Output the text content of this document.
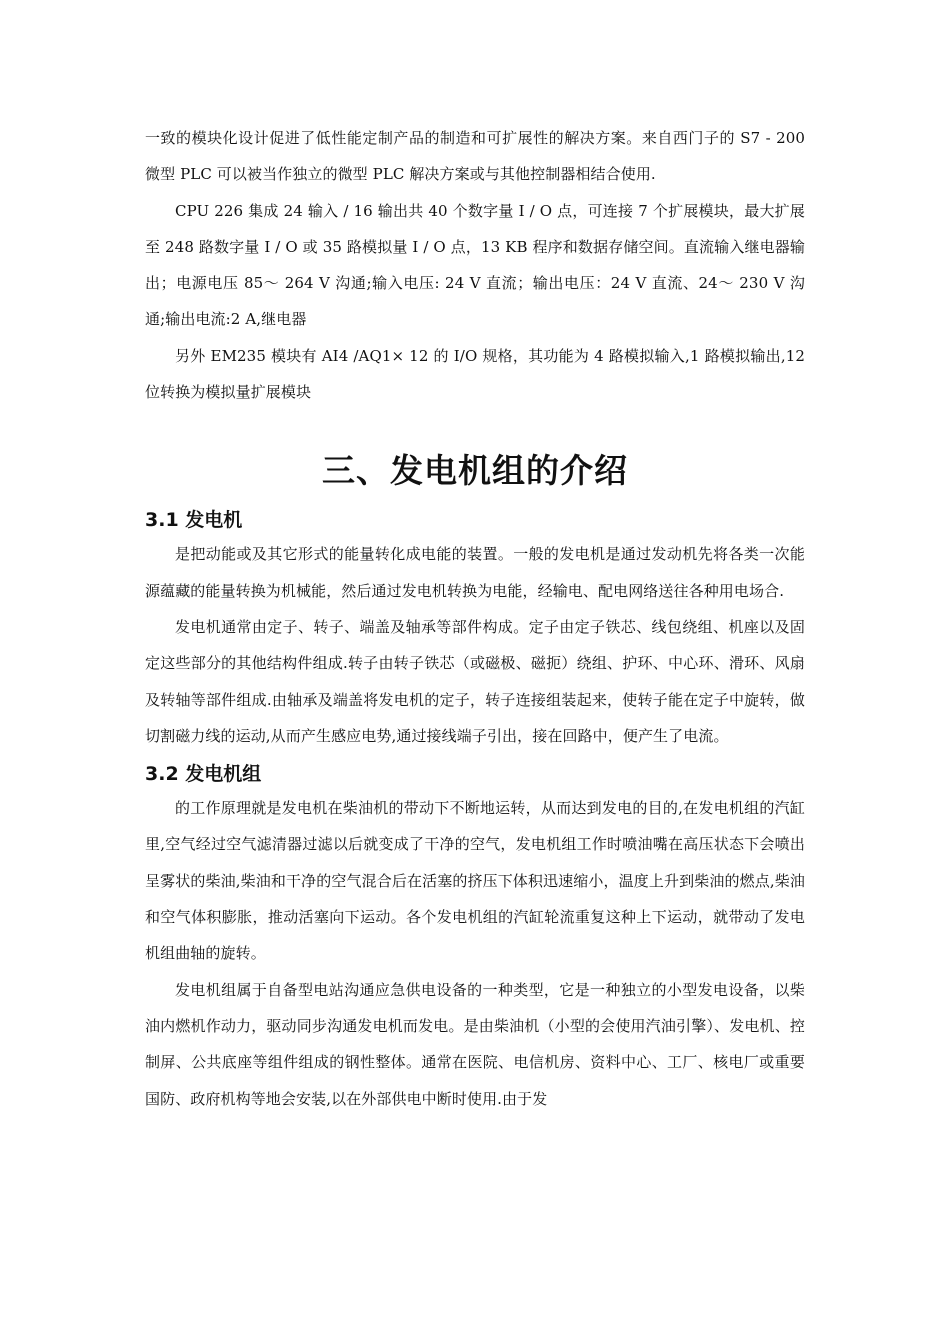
一致的模块化设计促进了低性能定制产品的制造和可扩展性的解决方案。来自西门子的 S7 - 200 微型 PLC 可以被当作独立的微型 PLC 解决方案或与其他控制器相结合使用.

CPU 226 集成 24 输入 / 16 输出共 40 个数字量 I / O 点，可连接 7 个扩展模块，最大扩展至 248 路数字量 I / O 或 35 路模拟量 I / O 点，13 KB 程序和数据存储空间。直流输入继电器输出；电源电压 85～ 264 V 沟通;输入电压: 24 V 直流；输出电压：24 V 直流、24～ 230 V 沟通;输出电流:2 A,继电器

另外 EM235 模块有 AI4 /AQ1× 12 的 I/O 规格，其功能为 4 路模拟输入,1 路模拟输出,12 位转换为模拟量扩展模块

三、发电机组的介绍
3.1 发电机

是把动能或及其它形式的能量转化成电能的装置。一般的发电机是通过发动机先将各类一次能源蕴藏的能量转换为机械能，然后通过发电机转换为电能，经输电、配电网络送往各种用电场合.

发电机通常由定子、转子、端盖及轴承等部件构成。定子由定子铁芯、线包绕组、机座以及固定这些部分的其他结构件组成.转子由转子铁芯（或磁极、磁扼）绕组、护环、中心环、滑环、风扇及转轴等部件组成.由轴承及端盖将发电机的定子，转子连接组装起来，使转子能在定子中旋转，做切割磁力线的运动,从而产生感应电势,通过接线端子引出，接在回路中，便产生了电流。

3.2 发电机组

的工作原理就是发电机在柴油机的带动下不断地运转，从而达到发电的目的,在发电机组的汽缸里,空气经过空气滤清器过滤以后就变成了干净的空气，发电机组工作时喷油嘴在高压状态下会喷出呈雾状的柴油,柴油和干净的空气混合后在活塞的挤压下体积迅速缩小，温度上升到柴油的燃点,柴油和空气体积膨胀，推动活塞向下运动。各个发电机组的汽缸轮流重复这种上下运动，就带动了发电机组曲轴的旋转。

发电机组属于自备型电站沟通应急供电设备的一种类型，它是一种独立的小型发电设备，以柴油内燃机作动力，驱动同步沟通发电机而发电。是由柴油机（小型的会使用汽油引擎）、发电机、控制屏、公共底座等组件组成的钢性整体。通常在医院、电信机房、资料中心、工厂、核电厂或重要国防、政府机构等地会安装,以在外部供电中断时使用.由于发
